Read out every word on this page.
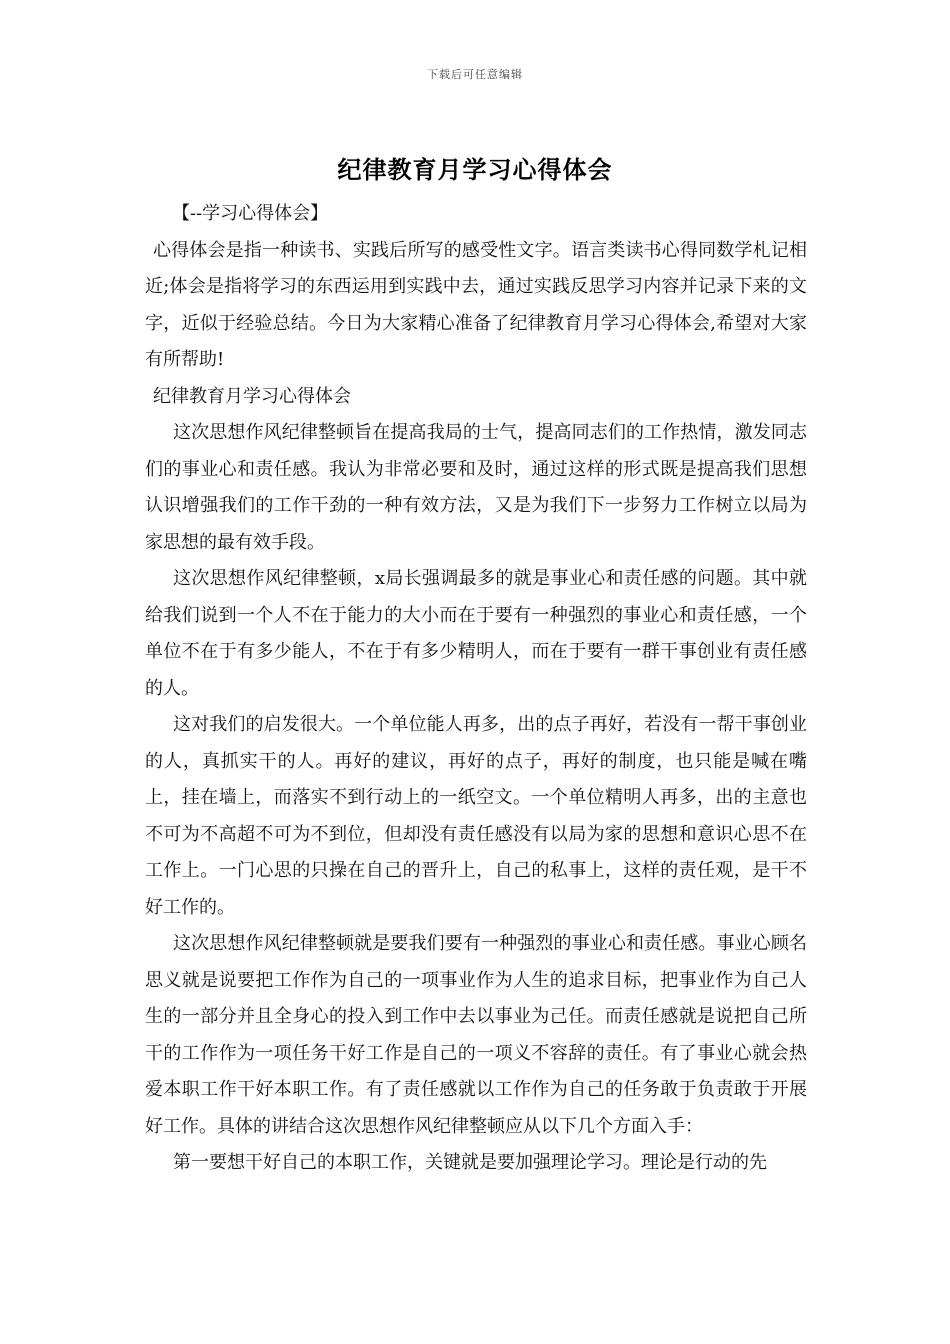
下载后可任意编辑
纪律教育月学习心得体会

【--学习心得体会】

心得体会是指一种读书、实践后所写的感受性文字。语言类读书心得同数学札记相近;体会是指将学习的东西运用到实践中去，通过实践反思学习内容并记录下来的文字，近似于经验总结。今日为大家精心准备了纪律教育月学习心得体会,希望对大家有所帮助!

纪律教育月学习心得体会

这次思想作风纪律整顿旨在提高我局的士气，提高同志们的工作热情，激发同志们的事业心和责任感。我认为非常必要和及时，通过这样的形式既是提高我们思想认识增强我们的工作干劲的一种有效方法，又是为我们下一步努力工作树立以局为家思想的最有效手段。

这次思想作风纪律整顿，x局长强调最多的就是事业心和责任感的问题。其中就给我们说到一个人不在于能力的大小而在于要有一种强烈的事业心和责任感，一个单位不在于有多少能人，不在于有多少精明人，而在于要有一群干事创业有责任感的人。

这对我们的启发很大。一个单位能人再多，出的点子再好，若没有一帮干事创业的人，真抓实干的人。再好的建议，再好的点子，再好的制度，也只能是喊在嘴上，挂在墙上，而落实不到行动上的一纸空文。一个单位精明人再多，出的主意也不可为不高超不可为不到位，但却没有责任感没有以局为家的思想和意识心思不在工作上。一门心思的只操在自己的晋升上，自己的私事上，这样的责任观，是干不好工作的。

这次思想作风纪律整顿就是要我们要有一种强烈的事业心和责任感。事业心顾名思义就是说要把工作作为自己的一项事业作为人生的追求目标，把事业作为自己人生的一部分并且全身心的投入到工作中去以事业为己任。而责任感就是说把自己所干的工作作为一项任务干好工作是自己的一项义不容辞的责任。有了事业心就会热爱本职工作干好本职工作。有了责任感就以工作作为自己的任务敢于负责敢于开展好工作。具体的讲结合这次思想作风纪律整顿应从以下几个方面入手：

第一要想干好自己的本职工作，关键就是要加强理论学习。理论是行动的先
